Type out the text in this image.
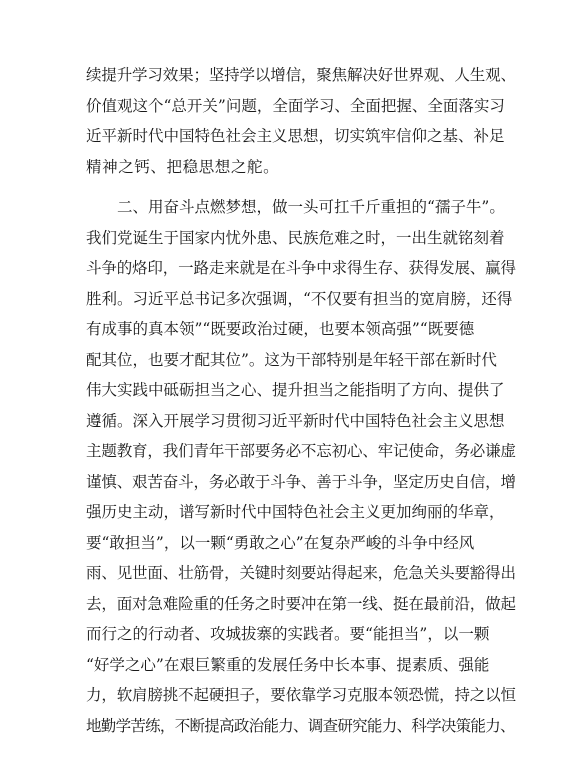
续提升学习效果；坚持学以增信，聚焦解决好世界观、人生观、
价值观这个“总开关”问题，全面学习、全面把握、全面落实习
近平新时代中国特色社会主义思想，切实筑牢信仰之基、补足
精神之钙、把稳思想之舵。
　　二、用奋斗点燃梦想，做一头可扛千斤重担的“孺子牛”。
我们党诞生于国家内忧外患、民族危难之时，一出生就铭刻着
斗争的烙印，一路走来就是在斗争中求得生存、获得发展、赢得
胜利。习近平总书记多次强调，“不仅要有担当的宽肩膀，还得
有成事的真本领”“既要政治过硬，也要本领高强”“既要德
配其位，也要才配其位”。这为干部特别是年轻干部在新时代
伟大实践中砥砺担当之心、提升担当之能指明了方向、提供了
遵循。深入开展学习贯彻习近平新时代中国特色社会主义思想
主题教育，我们青年干部要务必不忘初心、牢记使命，务必谦虚
谨慎、艰苦奋斗，务必敢于斗争、善于斗争，坚定历史自信，增
强历史主动，谱写新时代中国特色社会主义更加绚丽的华章，
要“敢担当”，以一颗“勇敢之心”在复杂严峻的斗争中经风
雨、见世面、壮筋骨，关键时刻要站得起来，危急关头要豁得出
去，面对急难险重的任务之时要冲在第一线、挺在最前沿，做起
而行之的行动者、攻城拔寨的实践者。要“能担当”，以一颗
“好学之心”在艰巨繁重的发展任务中长本事、提素质、强能
力，软肩膀挑不起硬担子，要依靠学习克服本领恐慌，持之以恒
地勤学苦练，不断提高政治能力、调查研究能力、科学决策能力、
